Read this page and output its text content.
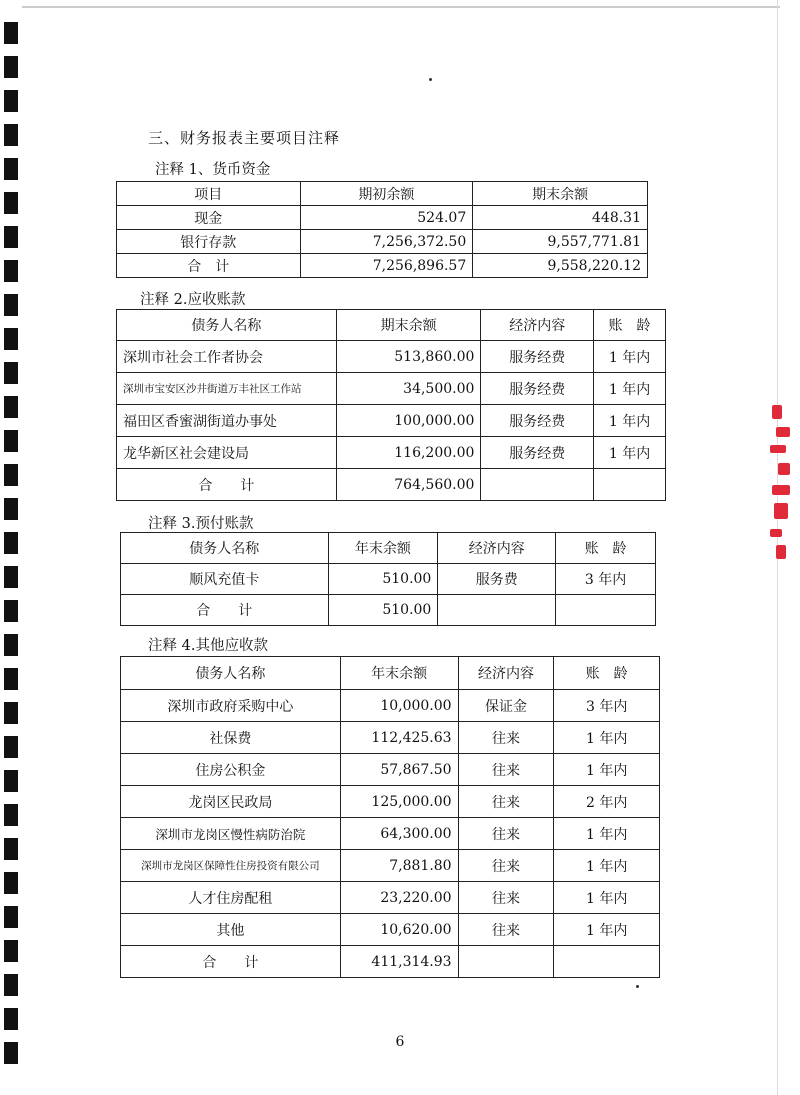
三、财务报表主要项目注释
注释 1、货币资金
项目	期初余额	期末余额
现金	524.07	448.31
银行存款	7,256,372.50	9,557,771.81
合　计	7,256,896.57	9,558,220.12
注释 2.应收账款
债务人名称	期末余额	经济内容	账　龄
深圳市社会工作者协会	513,860.00	服务经费	1 年内
深圳市宝安区沙井街道万丰社区工作站	34,500.00	服务经费	1 年内
福田区香蜜湖街道办事处	100,000.00	服务经费	1 年内
龙华新区社会建设局	116,200.00	服务经费	1 年内
合　　计	764,560.00		
注释 3.预付账款
债务人名称	年末余额	经济内容	账　龄
顺风充值卡	510.00	服务费	3 年内
合　　计	510.00		
注释 4.其他应收款
债务人名称	年末余额	经济内容	账　龄
深圳市政府采购中心	10,000.00	保证金	3 年内
社保费	112,425.63	往来	1 年内
住房公积金	57,867.50	往来	1 年内
龙岗区民政局	125,000.00	往来	2 年内
深圳市龙岗区慢性病防治院	64,300.00	往来	1 年内
深圳市龙岗区保障性住房投资有限公司	7,881.80	往来	1 年内
人才住房配租	23,220.00	往来	1 年内
其他	10,620.00	往来	1 年内
合　　计	411,314.93		
6
